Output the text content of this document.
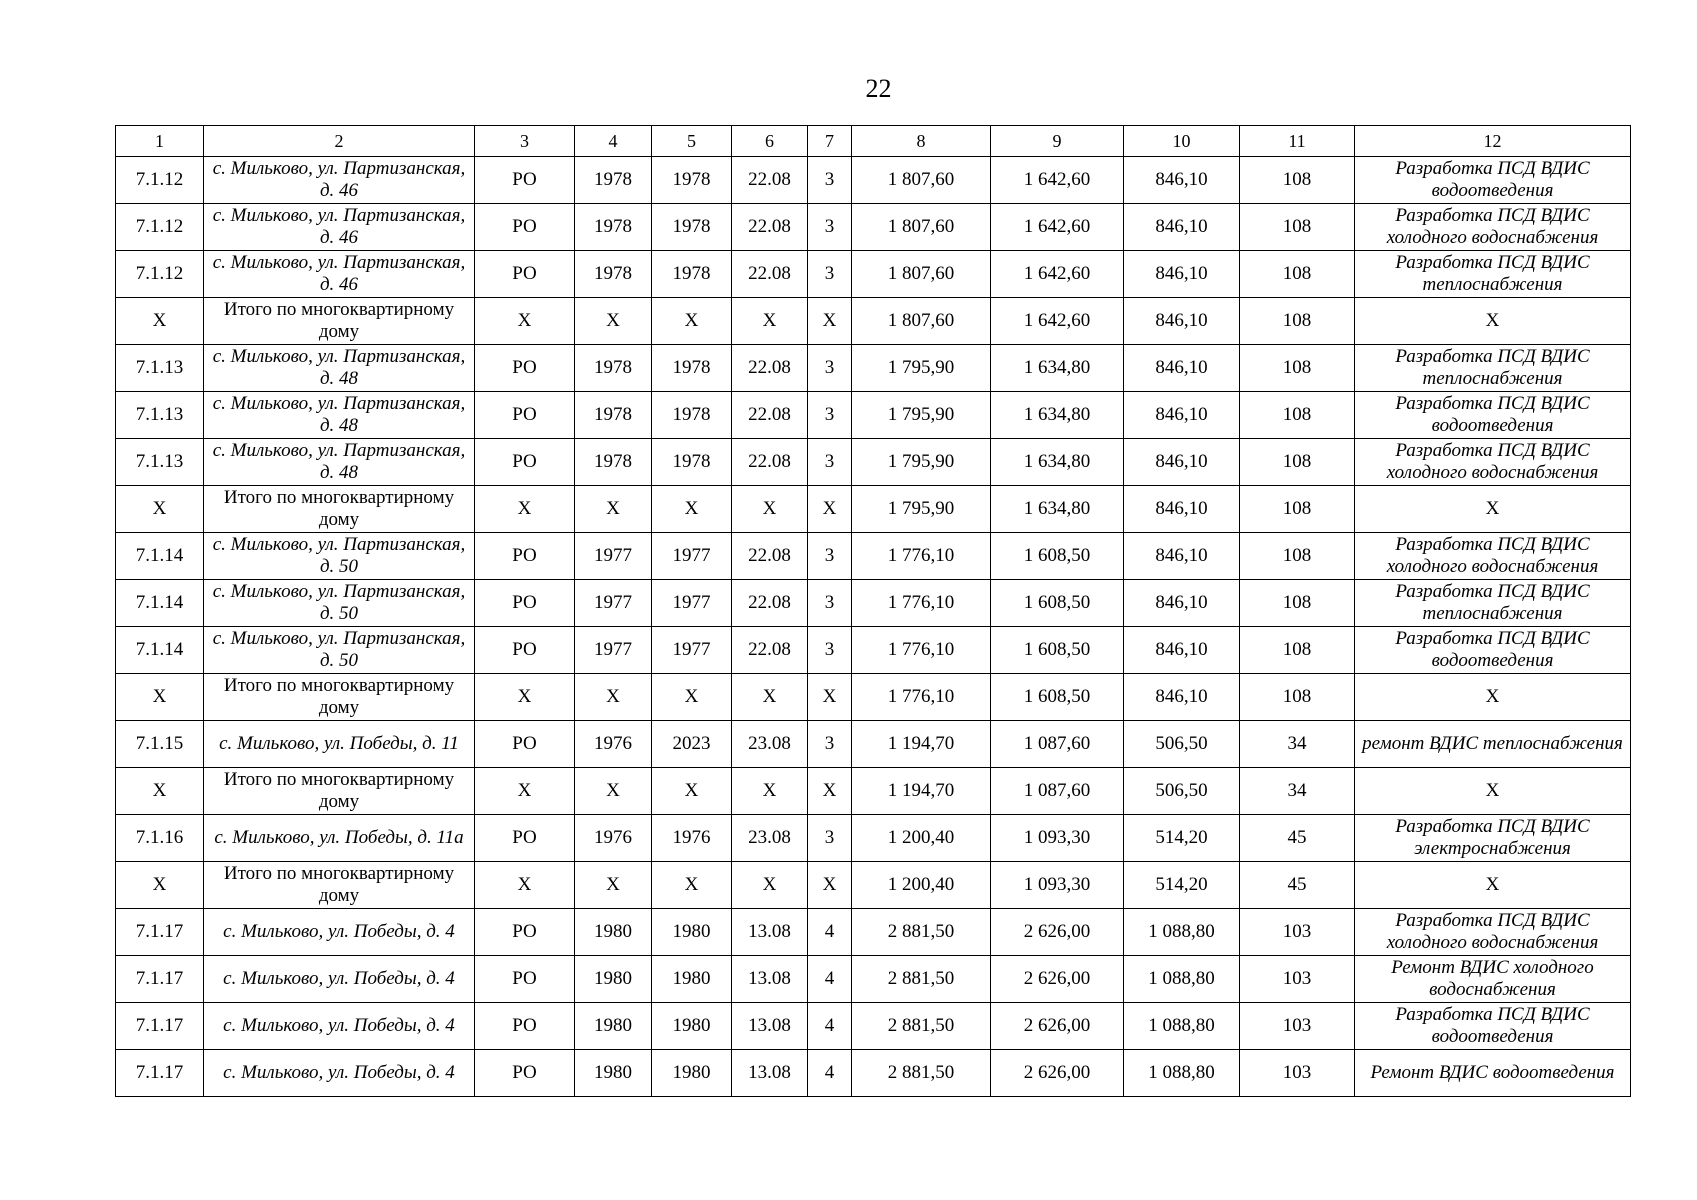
22
1	2	3	4	5	6	7	8	9	10	11	12
7.1.12	с. Мильково, ул. Партизанская, д. 46	РО	1978	1978	22.08	3	1 807,60	1 642,60	846,10	108	Разработка ПСД ВДИС водоотведения
7.1.12	с. Мильково, ул. Партизанская, д. 46	РО	1978	1978	22.08	3	1 807,60	1 642,60	846,10	108	Разработка ПСД ВДИС холодного водоснабжения
7.1.12	с. Мильково, ул. Партизанская, д. 46	РО	1978	1978	22.08	3	1 807,60	1 642,60	846,10	108	Разработка ПСД ВДИС теплоснабжения
X	Итого по многоквартирному дому	X	X	X	X	X	1 807,60	1 642,60	846,10	108	X
7.1.13	с. Мильково, ул. Партизанская, д. 48	РО	1978	1978	22.08	3	1 795,90	1 634,80	846,10	108	Разработка ПСД ВДИС теплоснабжения
7.1.13	с. Мильково, ул. Партизанская, д. 48	РО	1978	1978	22.08	3	1 795,90	1 634,80	846,10	108	Разработка ПСД ВДИС водоотведения
7.1.13	с. Мильково, ул. Партизанская, д. 48	РО	1978	1978	22.08	3	1 795,90	1 634,80	846,10	108	Разработка ПСД ВДИС холодного водоснабжения
X	Итого по многоквартирному дому	X	X	X	X	X	1 795,90	1 634,80	846,10	108	X
7.1.14	с. Мильково, ул. Партизанская, д. 50	РО	1977	1977	22.08	3	1 776,10	1 608,50	846,10	108	Разработка ПСД ВДИС холодного водоснабжения
7.1.14	с. Мильково, ул. Партизанская, д. 50	РО	1977	1977	22.08	3	1 776,10	1 608,50	846,10	108	Разработка ПСД ВДИС теплоснабжения
7.1.14	с. Мильково, ул. Партизанская, д. 50	РО	1977	1977	22.08	3	1 776,10	1 608,50	846,10	108	Разработка ПСД ВДИС водоотведения
X	Итого по многоквартирному дому	X	X	X	X	X	1 776,10	1 608,50	846,10	108	X
7.1.15	с. Мильково, ул. Победы, д. 11	РО	1976	2023	23.08	3	1 194,70	1 087,60	506,50	34	ремонт ВДИС теплоснабжения
X	Итого по многоквартирному дому	X	X	X	X	X	1 194,70	1 087,60	506,50	34	X
7.1.16	с. Мильково, ул. Победы, д. 11а	РО	1976	1976	23.08	3	1 200,40	1 093,30	514,20	45	Разработка ПСД ВДИС электроснабжения
X	Итого по многоквартирному дому	X	X	X	X	X	1 200,40	1 093,30	514,20	45	X
7.1.17	с. Мильково, ул. Победы, д. 4	РО	1980	1980	13.08	4	2 881,50	2 626,00	1 088,80	103	Разработка ПСД ВДИС холодного водоснабжения
7.1.17	с. Мильково, ул. Победы, д. 4	РО	1980	1980	13.08	4	2 881,50	2 626,00	1 088,80	103	Ремонт ВДИС холодного водоснабжения
7.1.17	с. Мильково, ул. Победы, д. 4	РО	1980	1980	13.08	4	2 881,50	2 626,00	1 088,80	103	Разработка ПСД ВДИС водоотведения
7.1.17	с. Мильково, ул. Победы, д. 4	РО	1980	1980	13.08	4	2 881,50	2 626,00	1 088,80	103	Ремонт ВДИС водоотведения
